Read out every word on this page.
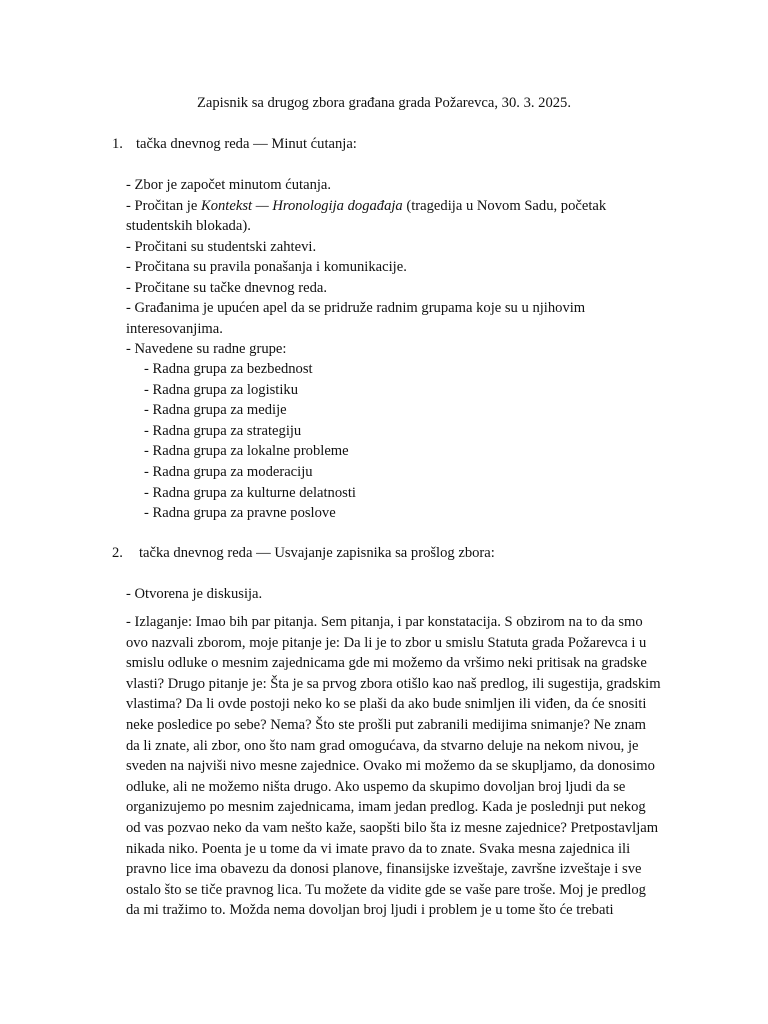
Zapisnik sa drugog zbora građana grada Požarevca, 30. 3. 2025.
1. tačka dnevnog reda — Minut ćutanja:
- Zbor je započet minutom ćutanja.
- Pročitan je Kontekst — Hronologija događaja (tragedija u Novom Sadu, početak studentskih blokada).
- Pročitani su studentski zahtevi.
- Pročitana su pravila ponašanja i komunikacije.
- Pročitane su tačke dnevnog reda.
- Građanima je upućen apel da se pridruže radnim grupama koje su u njihovim interesovanjima.
- Navedene su radne grupe:
- Radna grupa za bezbednost
- Radna grupa za logistiku
- Radna grupa za medije
- Radna grupa za strategiju
- Radna grupa za lokalne probleme
- Radna grupa za moderaciju
- Radna grupa za kulturne delatnosti
- Radna grupa za pravne poslove
2. tačka dnevnog reda — Usvajanje zapisnika sa prošlog zbora:

- Otvorena je diskusija.

- Izlaganje: Imao bih par pitanja. Sem pitanja, i par konstatacija. S obzirom na to da smo
ovo nazvali zborom, moje pitanje je: Da li je to zbor u smislu Statuta grada Požarevca i u
smislu odluke o mesnim zajednicama gde mi možemo da vršimo neki pritisak na gradske
vlasti? Drugo pitanje je: Šta je sa prvog zbora otišlo kao naš predlog, ili sugestija, gradskim
vlastima? Da li ovde postoji neko ko se plaši da ako bude snimljen ili viđen, da će snositi
neke posledice po sebe? Nema? Što ste prošli put zabranili medijima snimanje? Ne znam
da li znate, ali zbor, ono što nam grad omogućava, da stvarno deluje na nekom nivou, je
sveden na najviši nivo mesne zajednice. Ovako mi možemo da se skupljamo, da donosimo
odluke, ali ne možemo ništa drugo. Ako uspemo da skupimo dovoljan broj ljudi da se
organizujemo po mesnim zajednicama, imam jedan predlog. Kada je poslednji put nekog
od vas pozvao neko da vam nešto kaže, saopšti bilo šta iz mesne zajednice? Pretpostavljam
nikada niko. Poenta je u tome da vi imate pravo da to znate. Svaka mesna zajednica ili
pravno lice ima obavezu da donosi planove, finansijske izveštaje, završne izveštaje i sve
ostalo što se tiče pravnog lica. Tu možete da vidite gde se vaše pare troše. Moj je predlog
da mi tražimo to. Možda nema dovoljan broj ljudi i problem je u tome što će trebati
